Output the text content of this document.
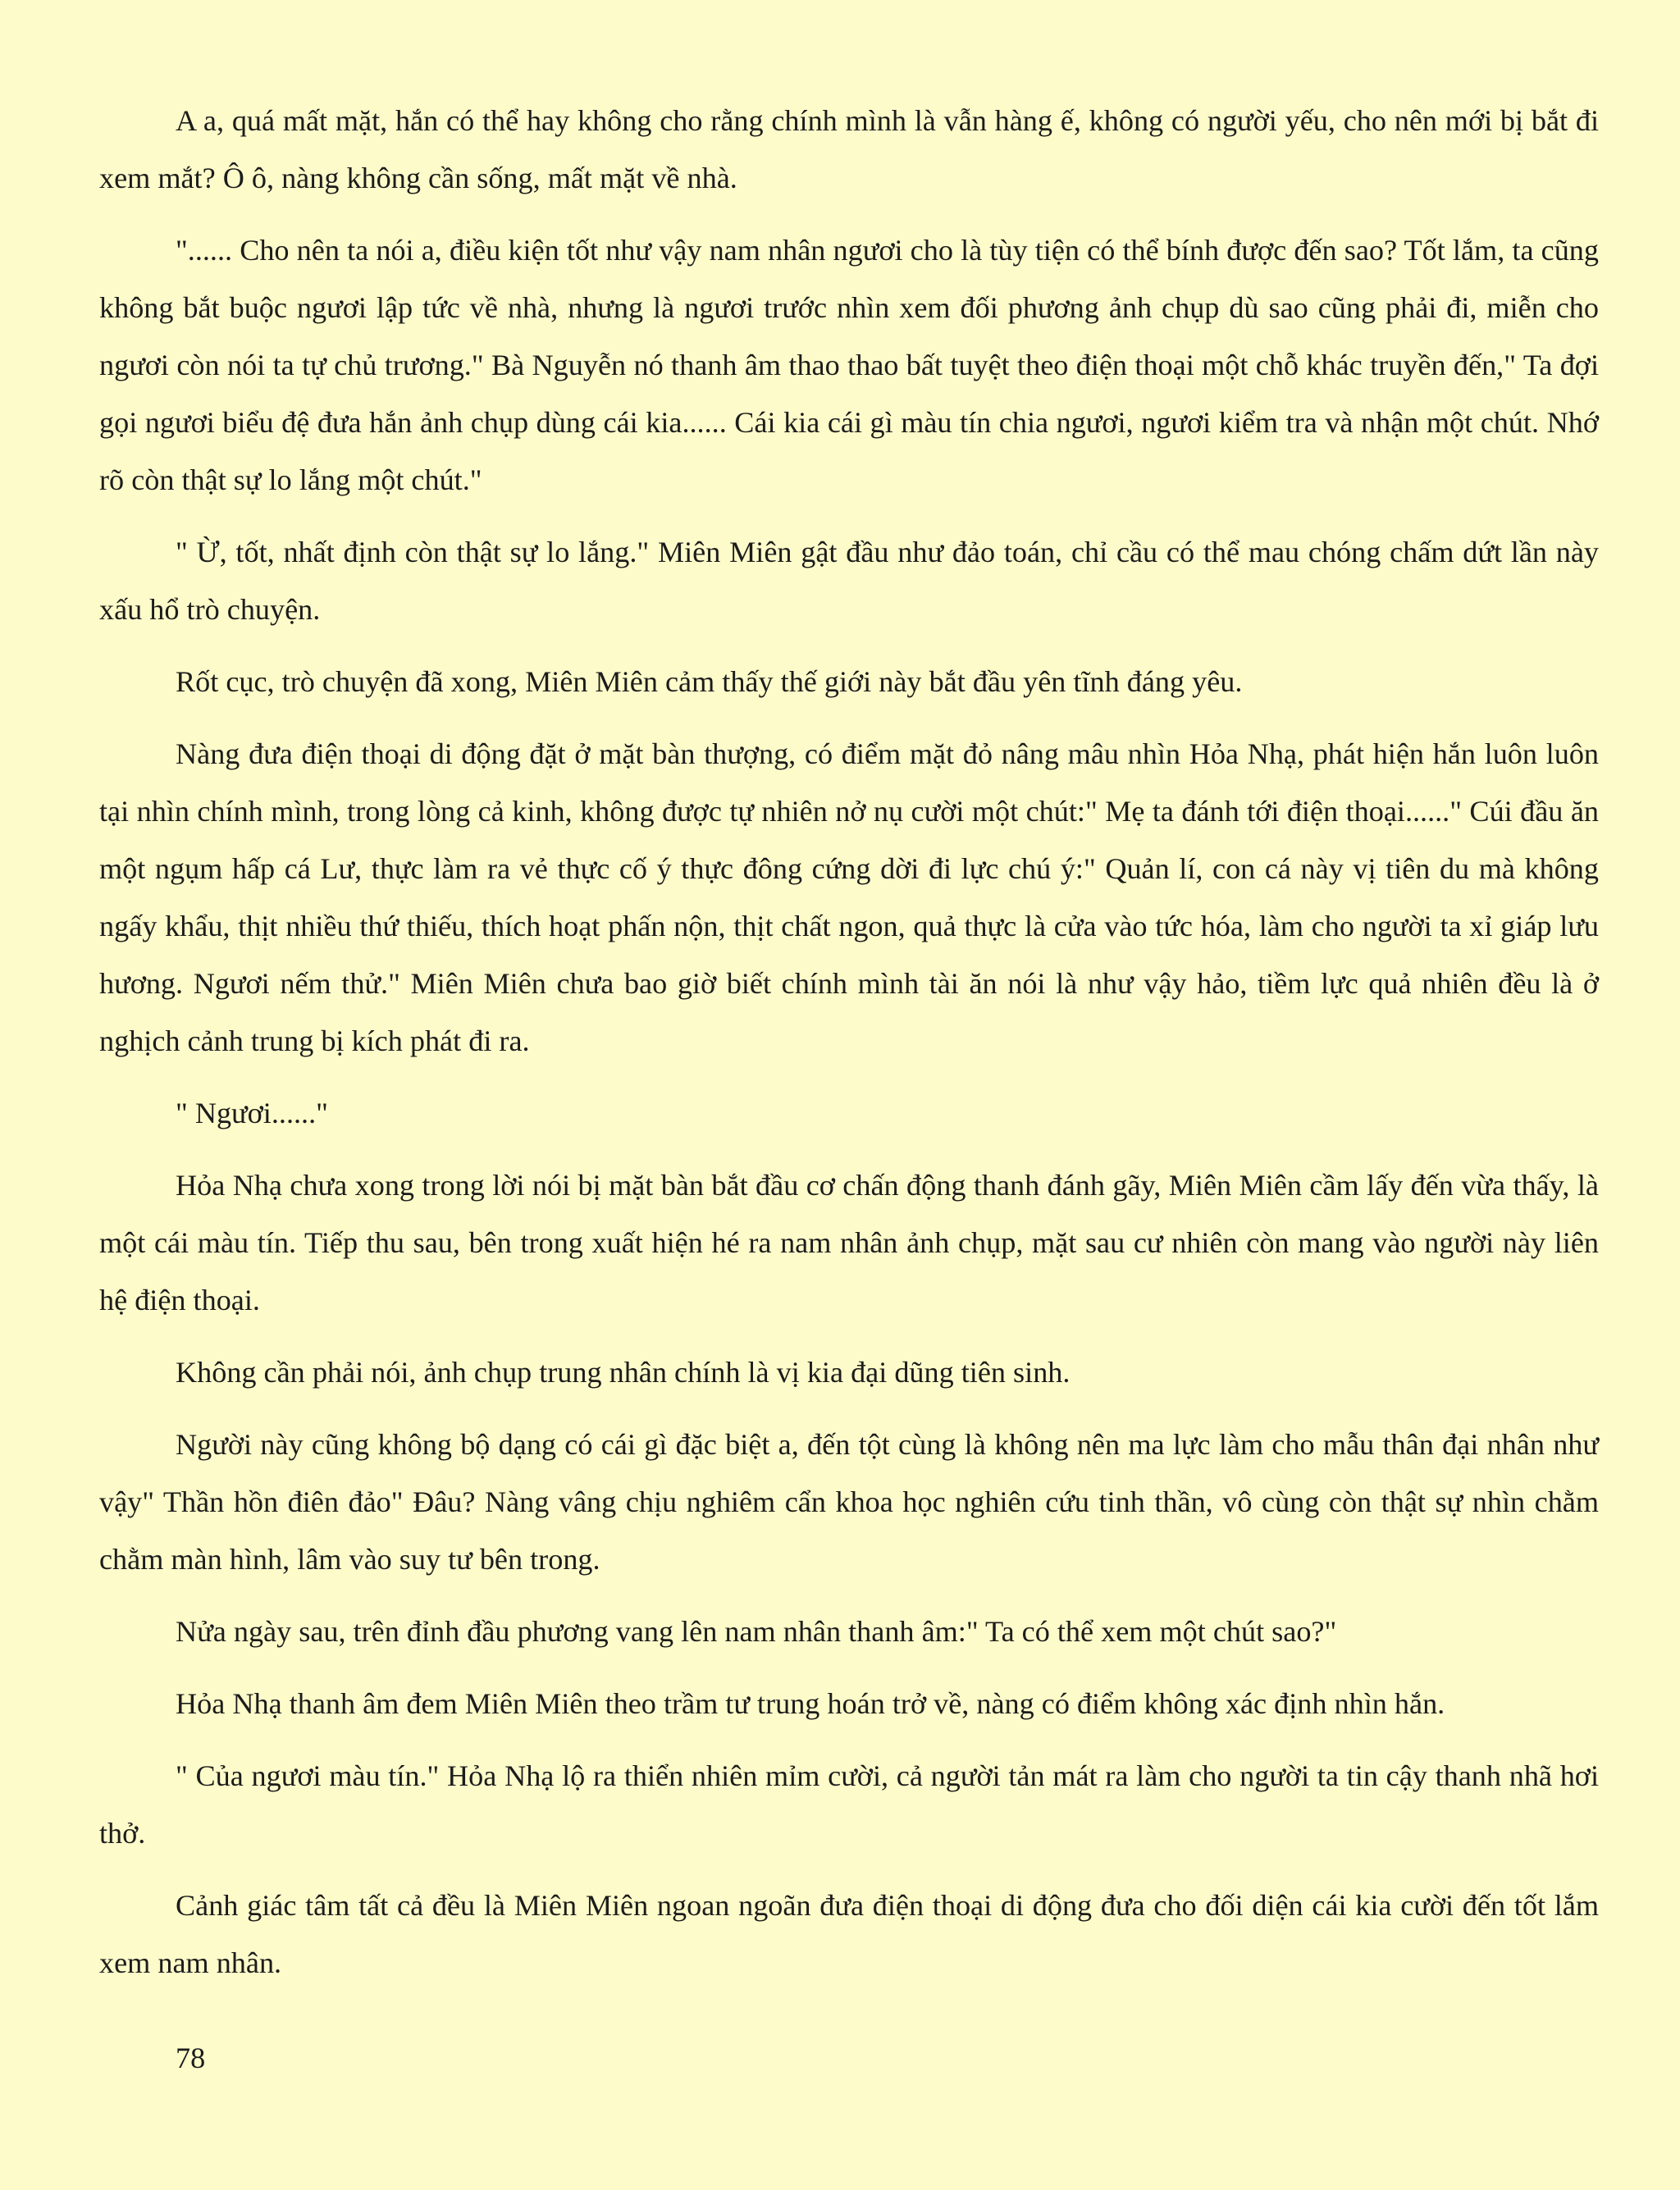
A a, quá mất mặt, hắn có thể hay không cho rằng chính mình là vẫn hàng ế, không có người yếu, cho nên mới bị bắt đi xem mắt? Ô ô, nàng không cần sống, mất mặt về nhà.

"...... Cho nên ta nói a, điều kiện tốt như vậy nam nhân ngươi cho là tùy tiện có thể bính được đến sao? Tốt lắm, ta cũng không bắt buộc ngươi lập tức về nhà, nhưng là ngươi trước nhìn xem đối phương ảnh chụp dù sao cũng phải đi, miễn cho ngươi còn nói ta tự chủ trương." Bà Nguyễn nó thanh âm thao thao bất tuyệt theo điện thoại một chỗ khác truyền đến," Ta đợi gọi ngươi biểu đệ đưa hắn ảnh chụp dùng cái kia...... Cái kia cái gì màu tín chia ngươi, ngươi kiểm tra và nhận một chút. Nhớ rõ còn thật sự lo lắng một chút."

" Ừ, tốt, nhất định còn thật sự lo lắng." Miên Miên gật đầu như đảo toán, chỉ cầu có thể mau chóng chấm dứt lần này xấu hổ trò chuyện.

Rốt cục, trò chuyện đã xong, Miên Miên cảm thấy thế giới này bắt đầu yên tĩnh đáng yêu.

Nàng đưa điện thoại di động đặt ở mặt bàn thượng, có điểm mặt đỏ nâng mâu nhìn Hỏa Nhạ, phát hiện hắn luôn luôn tại nhìn chính mình, trong lòng cả kinh, không được tự nhiên nở nụ cười một chút:" Mẹ ta đánh tới điện thoại......" Cúi đầu ăn một ngụm hấp cá Lư, thực làm ra vẻ thực cố ý thực đông cứng dời đi lực chú ý:" Quản lí, con cá này vị tiên du mà không ngấy khẩu, thịt nhiều thứ thiếu, thích hoạt phấn nộn, thịt chất ngon, quả thực là cửa vào tức hóa, làm cho người ta xỉ giáp lưu hương. Ngươi nếm thử." Miên Miên chưa bao giờ biết chính mình tài ăn nói là như vậy hảo, tiềm lực quả nhiên đều là ở nghịch cảnh trung bị kích phát đi ra.

" Ngươi......"

Hỏa Nhạ chưa xong trong lời nói bị mặt bàn bắt đầu cơ chấn động thanh đánh gãy, Miên Miên cầm lấy đến vừa thấy, là một cái màu tín. Tiếp thu sau, bên trong xuất hiện hé ra nam nhân ảnh chụp, mặt sau cư nhiên còn mang vào người này liên hệ điện thoại.

Không cần phải nói, ảnh chụp trung nhân chính là vị kia đại dũng tiên sinh.

Người này cũng không bộ dạng có cái gì đặc biệt a, đến tột cùng là không nên ma lực làm cho mẫu thân đại nhân như vậy" Thần hồn điên đảo" Đâu? Nàng vâng chịu nghiêm cẩn khoa học nghiên cứu tinh thần, vô cùng còn thật sự nhìn chằm chằm màn hình, lâm vào suy tư bên trong.

Nửa ngày sau, trên đỉnh đầu phương vang lên nam nhân thanh âm:" Ta có thể xem một chút sao?"

Hỏa Nhạ thanh âm đem Miên Miên theo trầm tư trung hoán trở về, nàng có điểm không xác định nhìn hắn.

" Của ngươi màu tín." Hỏa Nhạ lộ ra thiển nhiên mỉm cười, cả người tản mát ra làm cho người ta tin cậy thanh nhã hơi thở.

Cảnh giác tâm tất cả đều là Miên Miên ngoan ngoãn đưa điện thoại di động đưa cho đối diện cái kia cười đến tốt lắm xem nam nhân.

78
